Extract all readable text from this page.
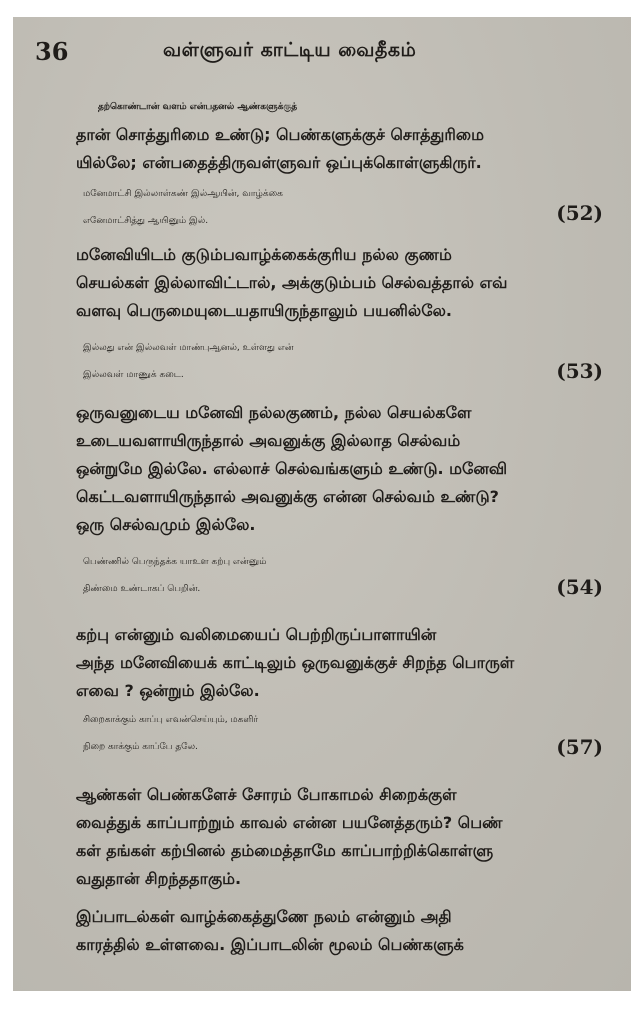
36	வள்ளுவர் காட்டிய வைதீகம்

தற்கொண்டான் வளம் என்பதனல் ஆண்களுக்குத்
தான் சொத்துரிமை உண்டு; பெண்களுக்குச் சொத்துரிமை
யில்லே; என்பதைத்திருவள்ளுவர் ஒப்புக்கொள்ளுகிருர்.

மனேமாட்சி இல்லாள்கண் இல்ஆயின், வாழ்க்கை
எனேமாட்சித்து ஆயினும் இல்.	(52)

மனேவியிடம் குடும்பவாழ்க்கைக்குரிய நல்ல குணம்
செயல்கள் இல்லாவிட்டால், அக்குடும்பம் செல்வத்தால் எவ்
வளவு பெருமையுடையதாயிருந்தாலும் பயனில்லே.

இல்லது என் இல்லவள் மாண்புஆனல், உள்ளது என்
இல்லவள் மாணுக் கடை.	(53)

ஒருவனுடைய மனேவி நல்லகுணம், நல்ல செயல்களே
உடையவளாயிருந்தால் அவனுக்கு இல்லாத செல்வம்
ஒன்றுமே இல்லே. எல்லாச் செல்வங்களும் உண்டு. மனேவி
கெட்டவளாயிருந்தால் அவனுக்கு என்ன செல்வம் உண்டு?
ஒரு செல்வமும் இல்லே.

பெண்ணில் பெருந்தக்க யாஉள கற்பு என்னும்
திண்மை உண்டாகப் பெறின்.	(54)

கற்பு என்னும் வலிமையைப் பெற்றிருப்பாளாயின்
அந்த மனேவியைக் காட்டிலும் ஒருவனுக்குச் சிறந்த பொருள்
எவை ? ஒன்றும் இல்லே.

சிறைகாக்கும் காப்பு எவன்செய்யும், மகளிர்
நிறை காக்கும் காப்பே தலே.	(57)

ஆண்கள் பெண்களேச் சோரம் போகாமல் சிறைக்குள்
வைத்துக் காப்பாற்றும் காவல் என்ன பயனேத்தரும்? பெண்
கள் தங்கள் கற்பினல் தம்மைத்தாமே காப்பாற்றிக்கொள்ளு
வதுதான் சிறந்ததாகும்.

இப்பாடல்கள் வாழ்க்கைத்துணே நலம் என்னும் அதி
காரத்தில் உள்ளவை. இப்பாடலின் மூலம் பெண்களுக்
